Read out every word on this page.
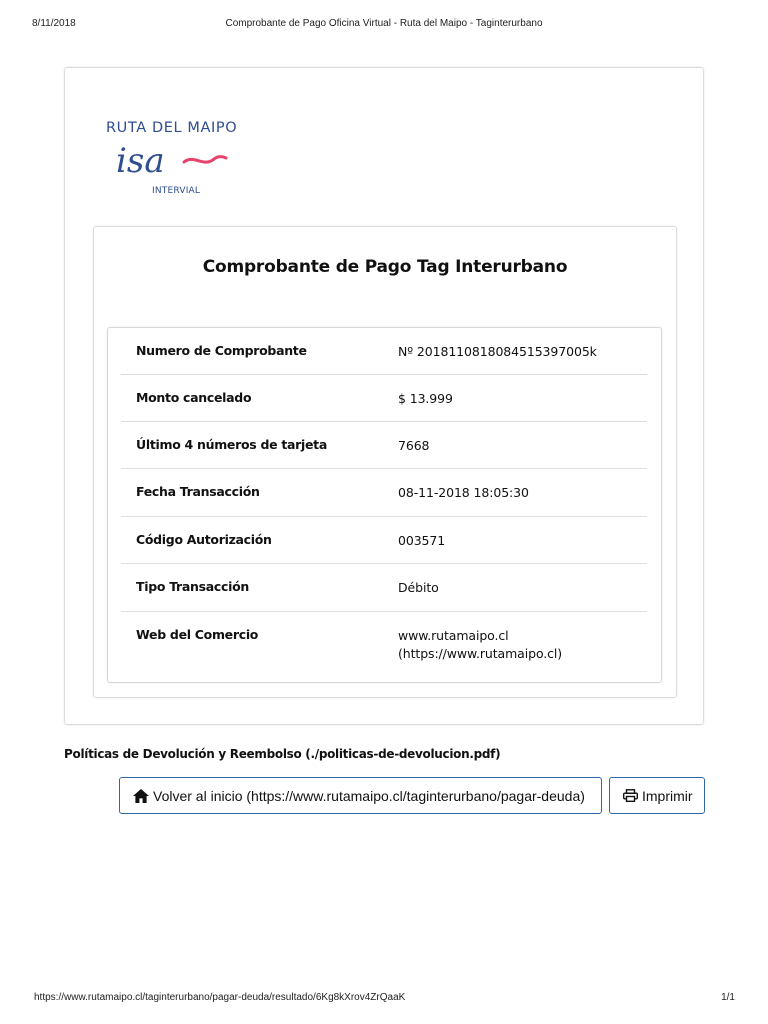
8/11/2018	Comprobante de Pago Oficina Virtual - Ruta del Maipo - Taginterurbano
RUTA DEL MAIPO
isa
INTERVIAL
Comprobante de Pago Tag Interurbano
Numero de Comprobante	Nº 20181108180845153970​05k
Monto cancelado	$ 13.999
Último 4 números de tarjeta	7668
Fecha Transacción	08-11-2018 18:05:30
Código Autorización	003571
Tipo Transacción	Débito
Web del Comercio	www.rutamaipo.cl
(https://www.rutamaipo.cl)
Políticas de Devolución y Reembolso (./politicas-de-devolucion.pdf)
Volver al inicio (https://www.rutamaipo.cl/taginterurbano/pagar-deuda)	Imprimir
https://www.rutamaipo.cl/taginterurbano/pagar-deuda/resultado/6Kg8kXrov4ZrQaaK	1/1
